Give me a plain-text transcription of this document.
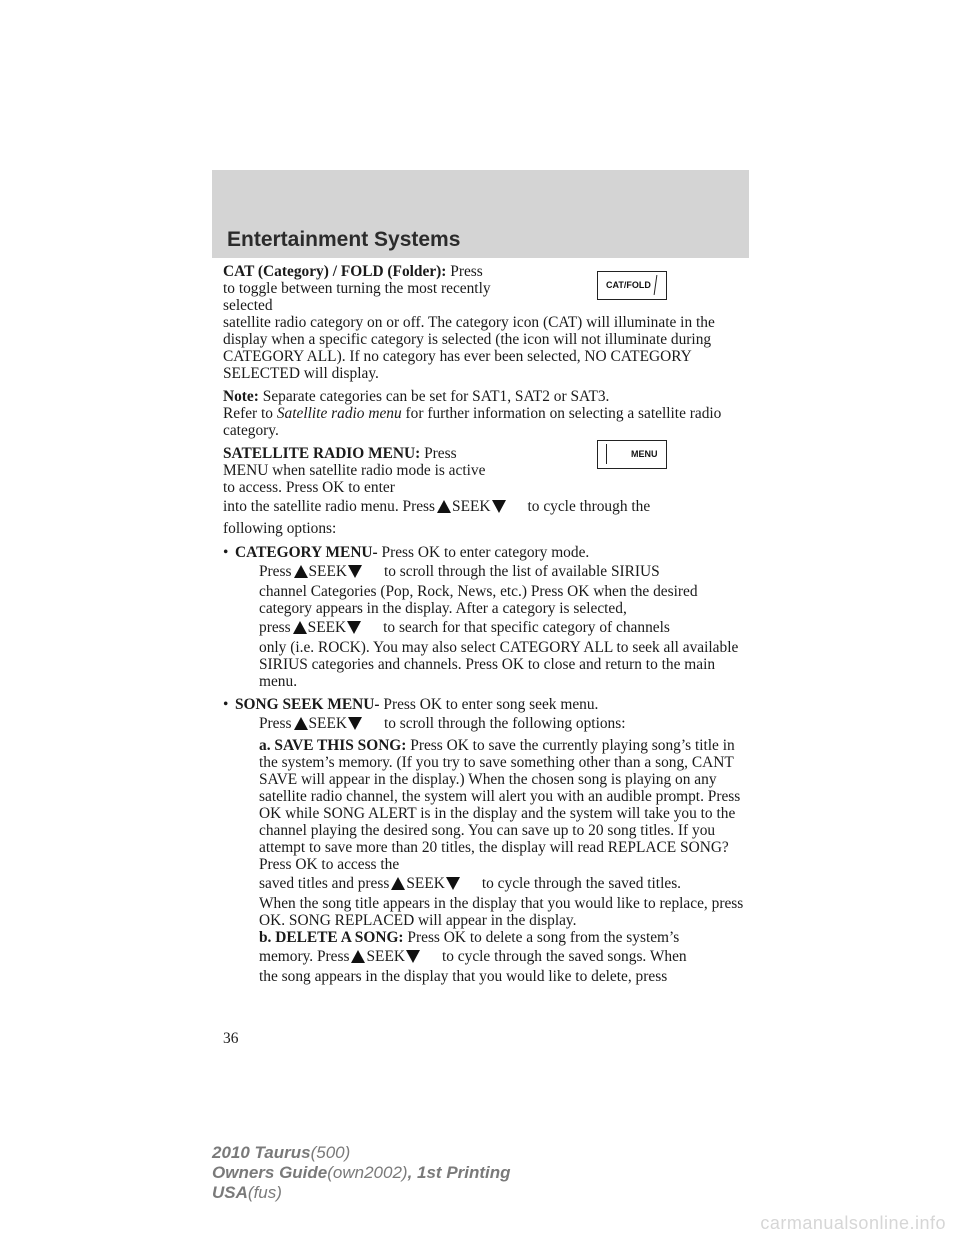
Entertainment Systems
CAT/FOLD
MENU

CAT (Category) / FOLD (Folder): Press to toggle between turning the most recently selected
satellite radio category on or off. The category icon (CAT) will illuminate in the display when a specific category is selected (the icon will not illuminate during CATEGORY ALL). If no category has ever been selected, NO CATEGORY SELECTED will display.

Note: Separate categories can be set for SAT1, SAT2 or SAT3.

Refer to Satellite radio menu for further information on selecting a satellite radio category.

SATELLITE RADIO MENU: Press MENU when satellite radio mode is active to access. Press OK to enter

into the satellite radio menu. Press SEEK to cycle through the

following options:

• CATEGORY MENU- Press OK to enter category mode.
Press SEEK to scroll through the list of available SIRIUS
channel Categories (Pop, Rock, News, etc.) Press OK when the desired category appears in the display. After a category is selected,
press SEEK to search for that specific category of channels

only (i.e. ROCK). You may also select CATEGORY ALL to seek all available SIRIUS categories and channels. Press OK to close and return to the main menu.

• SONG SEEK MENU- Press OK to enter song seek menu.
Press SEEK to scroll through the following options:
a. SAVE THIS SONG: Press OK to save the currently playing song’s title in the system’s memory. (If you try to save something other than a song, CANT SAVE will appear in the display.) When the chosen song is playing on any satellite radio channel, the system will alert you with an audible prompt. Press OK while SONG ALERT is in the display and the system will take you to the channel playing the desired song. You can save up to 20 song titles. If you attempt to save more than 20 titles, the display will read REPLACE SONG? Press OK to access the
saved titles and press SEEK to cycle through the saved titles.
When the song title appears in the display that you would like to replace, press OK. SONG REPLACED will appear in the display.
b. DELETE A SONG: Press OK to delete a song from the system’s
memory. Press SEEK to cycle through the saved songs. When
the song appears in the display that you would like to delete, press

36

2010 Taurus(500)
Owners Guide(own2002), 1st Printing
USA(fus)
carmanualsonline.info
